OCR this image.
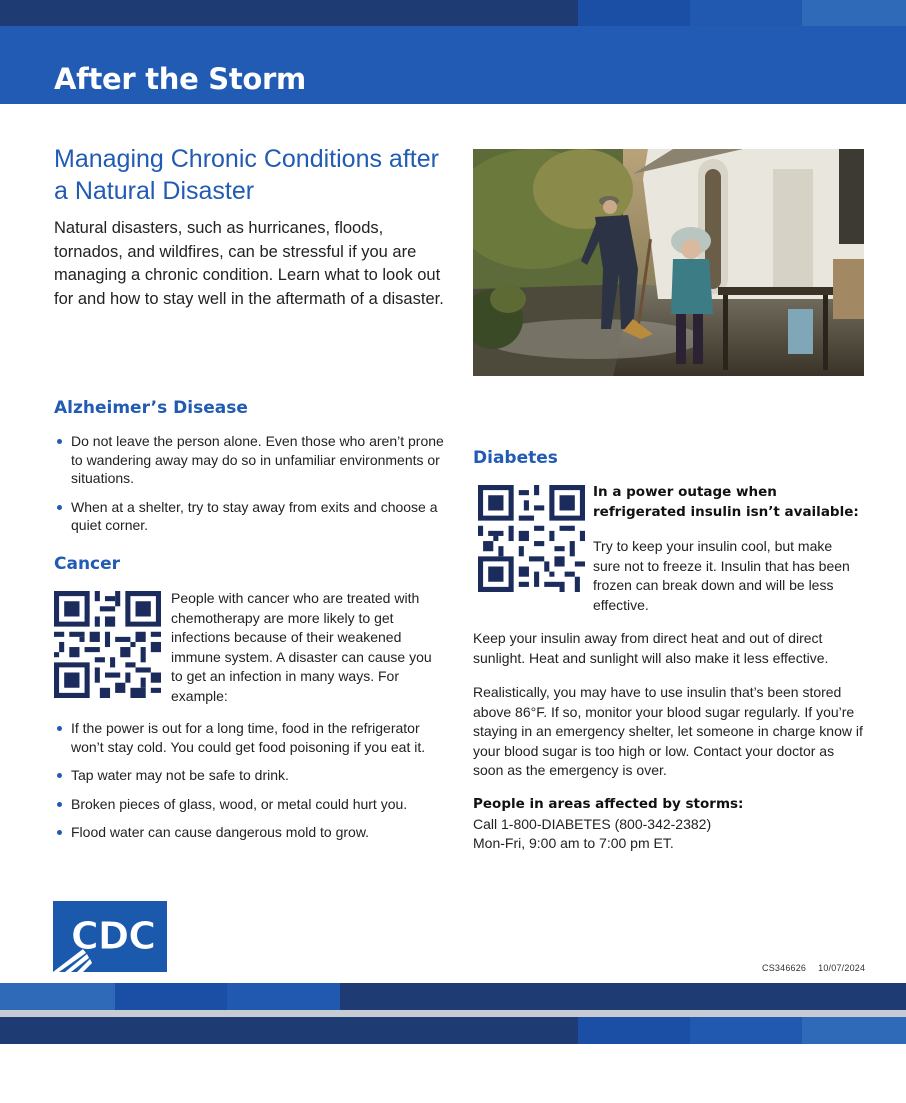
After the Storm
Managing Chronic Conditions after a Natural Disaster

Natural disasters, such as hurricanes, floods, tornados, and wildfires, can be stressful if you are managing a chronic condition. Learn what to look out for and how to stay well in the aftermath of a disaster.

Alzheimer’s Disease
Do not leave the person alone. Even those who aren’t prone to wandering away may do so in unfamiliar environments or situations.
When at a shelter, try to stay away from exits and choose a quiet corner.
Cancer

People with cancer who are treated with chemotherapy are more likely to get infections because of their weakened immune system. A disaster can cause you to get an infection in many ways. For example:

If the power is out for a long time, food in the refrigerator won’t stay cold. You could get food poisoning if you eat it.
Tap water may not be safe to drink.
Broken pieces of glass, wood, or metal could hurt you.
Flood water can cause dangerous mold to grow.
Diabetes

In a power outage when refrigerated insulin isn’t available:

Try to keep your insulin cool, but make sure not to freeze it. Insulin that has been frozen can break down and will be less effective.

Keep your insulin away from direct heat and out of direct sunlight. Heat and sunlight will also make it less effective.

Realistically, you may have to use insulin that’s been stored above 86°F. If so, monitor your blood sugar regularly. If you’re staying in an emergency shelter, let someone in charge know if your blood sugar is too high or low. Contact your doctor as soon as the emergency is over.

People in areas affected by storms:

Call 1-800-DIABETES (800-342-2382)

Mon-Fri, 9:00 am to 7:00 pm ET.

CDC

CS346626 10/07/2024
